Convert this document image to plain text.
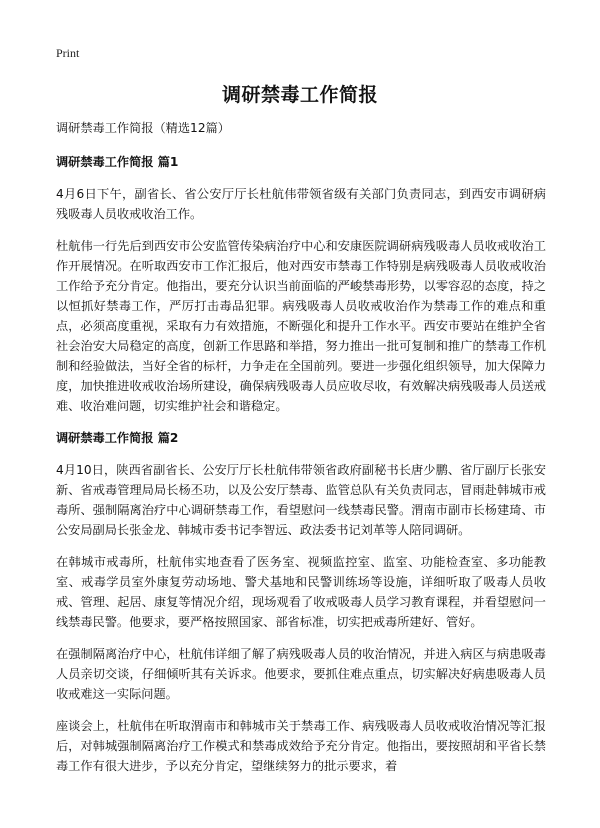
Print
调研禁毒工作简报

调研禁毒工作简报（精选12篇）

调研禁毒工作简报 篇1

4月6日下午，副省长、省公安厅厅长杜航伟带领省级有关部门负责同志，到西安市调研病残吸毒人员收戒收治工作。

杜航伟一行先后到西安市公安监管传染病治疗中心和安康医院调研病残吸毒人员收戒收治工作开展情况。在听取西安市工作汇报后，他对西安市禁毒工作特别是病残吸毒人员收戒收治工作给予充分肯定。他指出，要充分认识当前面临的严峻禁毒形势，以零容忍的态度，持之以恒抓好禁毒工作，严厉打击毒品犯罪。病残吸毒人员收戒收治作为禁毒工作的难点和重点，必须高度重视，采取有力有效措施，不断强化和提升工作水平。西安市要站在维护全省社会治安大局稳定的高度，创新工作思路和举措，努力推出一批可复制和推广的禁毒工作机制和经验做法，当好全省的标杆，力争走在全国前列。要进一步强化组织领导，加大保障力度，加快推进收戒收治场所建设，确保病残吸毒人员应收尽收，有效解决病残吸毒人员送戒难、收治难问题，切实维护社会和谐稳定。

调研禁毒工作简报 篇2

4月10日，陕西省副省长、公安厅厅长杜航伟带领省政府副秘书长唐少鹏、省厅副厅长张安新、省戒毒管理局局长杨丕功，以及公安厅禁毒、监管总队有关负责同志，冒雨赴韩城市戒毒所、强制隔离治疗中心调研禁毒工作，看望慰问一线禁毒民警。渭南市副市长杨建琦、市公安局副局长张金龙、韩城市委书记李智远、政法委书记刘革等人陪同调研。

在韩城市戒毒所，杜航伟实地查看了医务室、视频监控室、监室、功能检查室、多功能教室、戒毒学员室外康复劳动场地、警犬基地和民警训练场等设施，详细听取了吸毒人员收戒、管理、起居、康复等情况介绍，现场观看了收戒吸毒人员学习教育课程，并看望慰问一线禁毒民警。他要求，要严格按照国家、部省标准，切实把戒毒所建好、管好。

在强制隔离治疗中心，杜航伟详细了解了病残吸毒人员的收治情况，并进入病区与病患吸毒人员亲切交谈，仔细倾听其有关诉求。他要求，要抓住难点重点，切实解决好病患吸毒人员收戒难这一实际问题。

座谈会上，杜航伟在听取渭南市和韩城市关于禁毒工作、病残吸毒人员收戒收治情况等汇报后，对韩城强制隔离治疗工作模式和禁毒成效给予充分肯定。他指出，要按照胡和平省长禁毒工作有很大进步，予以充分肯定，望继续努力的批示要求，着
